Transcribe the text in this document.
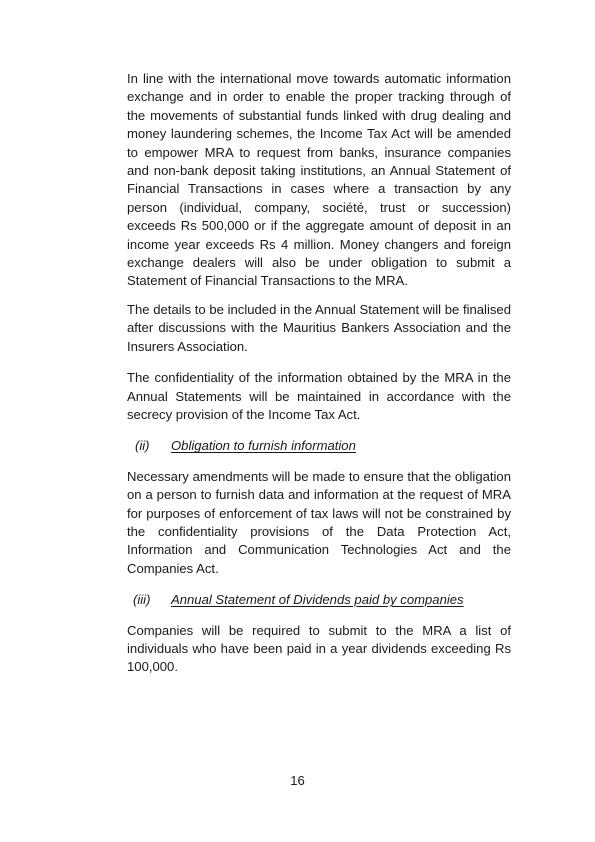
In line with the international move towards automatic information exchange and in order to enable the proper tracking through of the movements of substantial funds linked with drug dealing and money laundering schemes, the Income Tax Act will be amended to empower MRA to request from banks, insurance companies and non-bank deposit taking institutions, an Annual Statement of Financial Transactions in cases where a transaction by any person (individual, company, société, trust or succession) exceeds Rs 500,000 or if the aggregate amount of deposit in an income year exceeds Rs 4 million. Money changers and foreign exchange dealers will also be under obligation to submit a Statement of Financial Transactions to the MRA.

The details to be included in the Annual Statement will be finalised after discussions with the Mauritius Bankers Association and the Insurers Association.

The confidentiality of the information obtained by the MRA in the Annual Statements will be maintained in accordance with the secrecy provision of the Income Tax Act.

(ii)	Obligation to furnish information

Necessary amendments will be made to ensure that the obligation on a person to furnish data and information at the request of MRA for purposes of enforcement of tax laws will not be constrained by the confidentiality provisions of the Data Protection Act, Information and Communication Technologies Act and the Companies Act.

(iii)	Annual Statement of Dividends paid by companies

Companies will be required to submit to the MRA a list of individuals who have been paid in a year dividends exceeding Rs 100,000.

16
